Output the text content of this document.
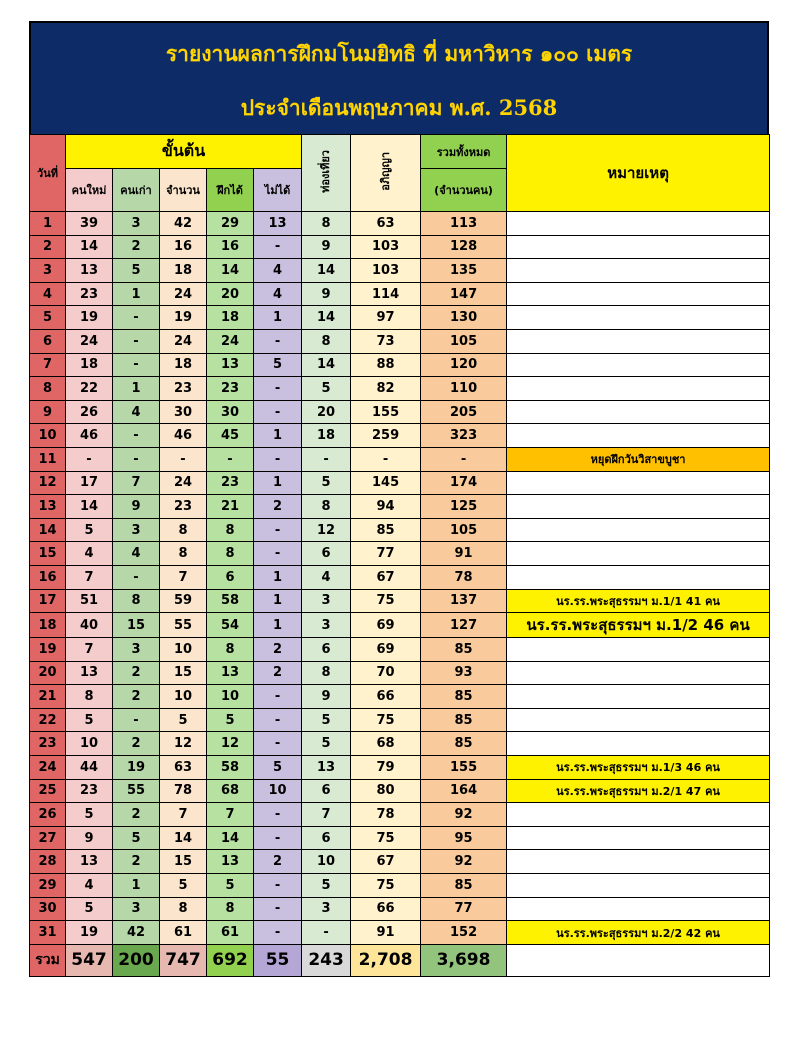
รายงานผลการฝึกมโนมยิทธิ ที่ มหาวิหาร ๑๐๐ เมตร
ประจำเดือนพฤษภาคม พ.ศ. 2568
วันที่	ขั้นต้น					ท่องเที่ยว	อภิญญา	รวมทั้งหมด	หมายเหตุ
	คนใหม่	คนเก่า	จำนวน	ฝึกได้	ไม่ได้			(จำนวนคน)	
1	39	3	42	29	13	8	63	113	
2	14	2	16	16	-	9	103	128	
3	13	5	18	14	4	14	103	135	
4	23	1	24	20	4	9	114	147	
5	19	-	19	18	1	14	97	130	
6	24	-	24	24	-	8	73	105	
7	18	-	18	13	5	14	88	120	
8	22	1	23	23	-	5	82	110	
9	26	4	30	30	-	20	155	205	
10	46	-	46	45	1	18	259	323	
11	-	-	-	-	-	-	-	-	หยุดฝึกวันวิสาขบูชา
12	17	7	24	23	1	5	145	174	
13	14	9	23	21	2	8	94	125	
14	5	3	8	8	-	12	85	105	
15	4	4	8	8	-	6	77	91	
16	7	-	7	6	1	4	67	78	
17	51	8	59	58	1	3	75	137	นร.รร.พระสุธรรมฯ ม.1/1 41 คน
18	40	15	55	54	1	3	69	127	นร.รร.พระสุธรรมฯ ม.1/2 46 คน
19	7	3	10	8	2	6	69	85	
20	13	2	15	13	2	8	70	93	
21	8	2	10	10	-	9	66	85	
22	5	-	5	5	-	5	75	85	
23	10	2	12	12	-	5	68	85	
24	44	19	63	58	5	13	79	155	นร.รร.พระสุธรรมฯ ม.1/3 46 คน
25	23	55	78	68	10	6	80	164	นร.รร.พระสุธรรมฯ ม.2/1 47 คน
26	5	2	7	7	-	7	78	92	
27	9	5	14	14	-	6	75	95	
28	13	2	15	13	2	10	67	92	
29	4	1	5	5	-	5	75	85	
30	5	3	8	8	-	3	66	77	
31	19	42	61	61	-	-	91	152	นร.รร.พระสุธรรมฯ ม.2/2 42 คน
รวม	547	200	747	692	55	243	2,708	3,698	
